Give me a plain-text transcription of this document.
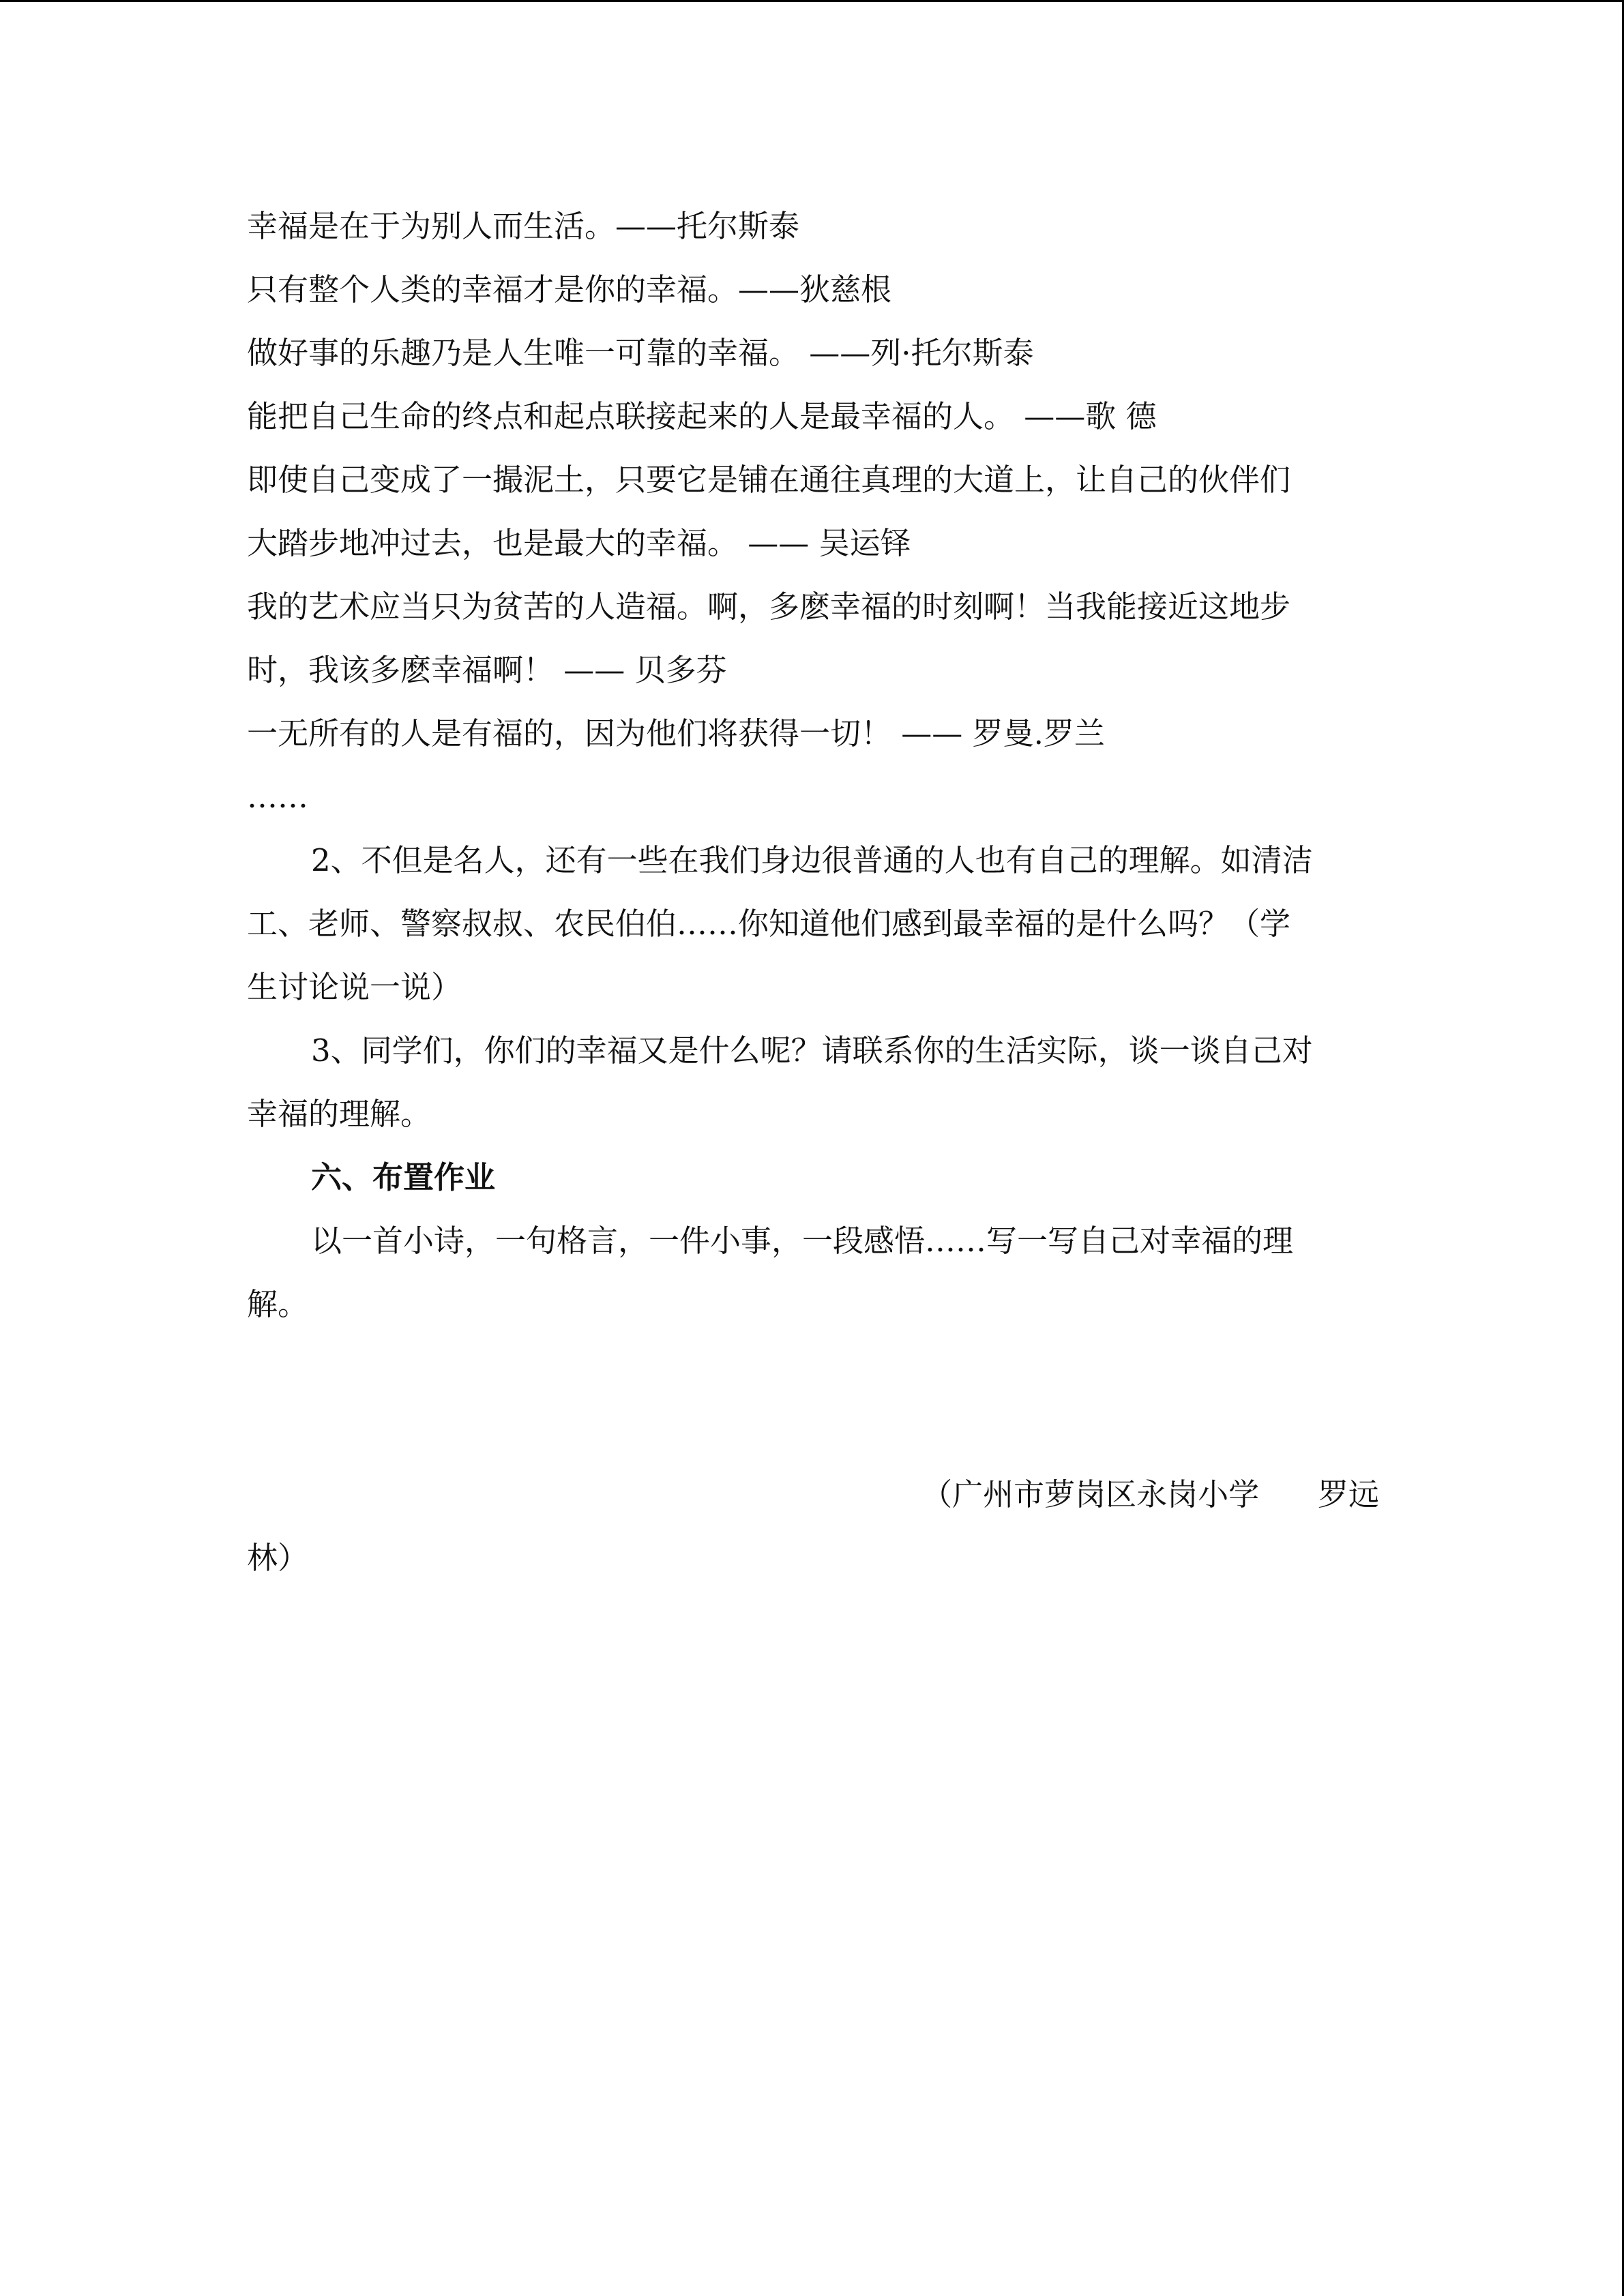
幸福是在于为别人而生活。——托尔斯泰
只有整个人类的幸福才是你的幸福。——狄慈根
做好事的乐趣乃是人生唯一可靠的幸福。 ——列·托尔斯泰
能把自己生命的终点和起点联接起来的人是最幸福的人。 ——歌 德
即使自己变成了一撮泥土，只要它是铺在通往真理的大道上，让自己的伙伴们
大踏步地冲过去，也是最大的幸福。 —— 吴运铎
我的艺术应当只为贫苦的人造福。啊，多麽幸福的时刻啊！当我能接近这地步
时，我该多麽幸福啊！ —— 贝多芬
一无所有的人是有福的，因为他们将获得一切！ —— 罗曼.罗兰
……
2、不但是名人，还有一些在我们身边很普通的人也有自己的理解。如清洁
工、老师、警察叔叔、农民伯伯……你知道他们感到最幸福的是什么吗？（学
生讨论说一说）
3、同学们，你们的幸福又是什么呢？请联系你的生活实际，谈一谈自己对
幸福的理解。
六、布置作业
以一首小诗，一句格言，一件小事，一段感悟……写一写自己对幸福的理
解。
（广州市萝岗区永岗小学      罗远
林）
